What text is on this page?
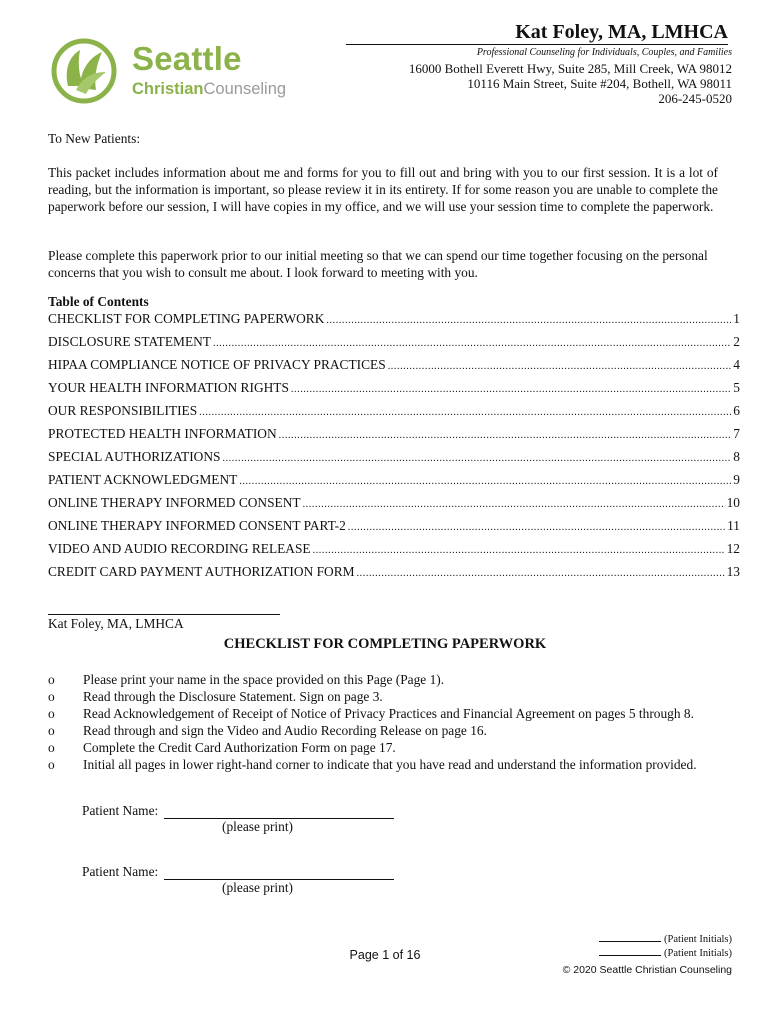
Seattle
ChristianCounseling
Kat Foley, MA, LMHCA
Professional Counseling for Individuals, Couples, and Families
16000 Bothell Everett Hwy, Suite 285, Mill Creek, WA 98012
10116 Main Street, Suite #204, Bothell, WA 98011
206-245-0520
To New Patients:
This packet includes information about me and forms for you to fill out and bring with you to our first session. It is a lot of reading, but the information is important, so please review it in its entirety. If for some reason you are unable to complete the paperwork before our session, I will have copies in my office, and we will use your session time to complete the paperwork.
Please complete this paperwork prior to our initial meeting so that we can spend our time together focusing on the personal concerns that you wish to consult me about. I look forward to meeting with you.
Table of Contents
CHECKLIST FOR COMPLETING PAPERWORK .....	1
DISCLOSURE STATEMENT .....	2
HIPAA COMPLIANCE NOTICE OF PRIVACY PRACTICES .....	4
YOUR HEALTH INFORMATION RIGHTS .....	5
OUR RESPONSIBILITIES .....	6
PROTECTED HEALTH INFORMATION .....	7
SPECIAL AUTHORIZATIONS .....	8
PATIENT ACKNOWLEDGMENT .....	9
ONLINE THERAPY INFORMED CONSENT .....	10
ONLINE THERAPY INFORMED CONSENT PART-2 .....	11
VIDEO AND AUDIO RECORDING RELEASE .....	12
CREDIT CARD PAYMENT AUTHORIZATION FORM .....	13
Kat Foley, MA, LMHCA
CHECKLIST FOR COMPLETING PAPERWORK
o	Please print your name in the space provided on this Page (Page 1).
o	Read through the Disclosure Statement. Sign on page 3.
o	Read Acknowledgement of Receipt of Notice of Privacy Practices and Financial Agreement on pages 5 through 8.
o	Read through and sign the Video and Audio Recording Release on page 16.
o	Complete the Credit Card Authorization Form on page 17.
o	Initial all pages in lower right-hand corner to indicate that you have read and understand the information provided.
Patient Name:
(please print)
Patient Name:
(please print)
Page 1 of 16
(Patient Initials)
(Patient Initials)
© 2020 Seattle Christian Counseling
